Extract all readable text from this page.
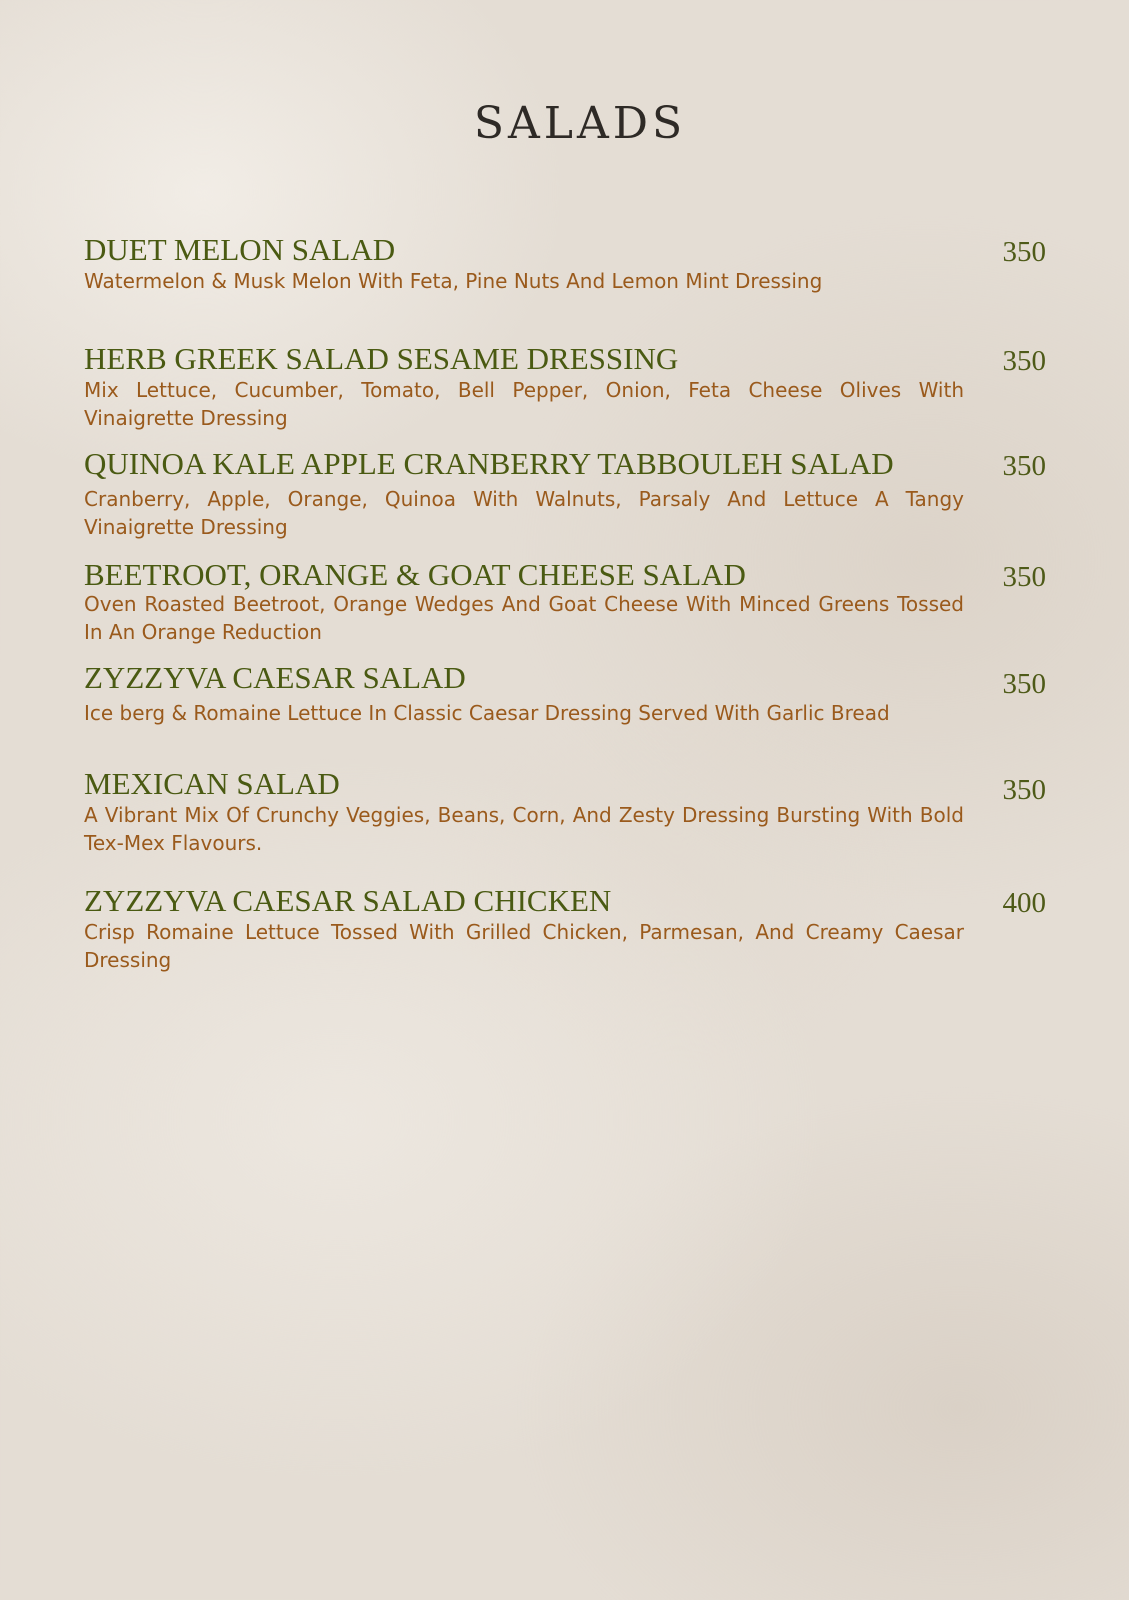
SALADS
DUET MELON SALAD	350
Watermelon & Musk Melon With Feta, Pine Nuts And Lemon Mint Dressing
HERB GREEK SALAD SESAME DRESSING	350
Mix Lettuce, Cucumber, Tomato, Bell Pepper, Onion, Feta Cheese Olives With Vinaigrette Dressing
QUINOA KALE APPLE CRANBERRY TABBOULEH SALAD	350
Cranberry, Apple, Orange, Quinoa With Walnuts, Parsaly And Lettuce A Tangy Vinaigrette Dressing
BEETROOT, ORANGE & GOAT CHEESE SALAD	350
Oven Roasted Beetroot, Orange Wedges And Goat Cheese With Minced Greens Tossed In An Orange Reduction
ZYZZYVA CAESAR SALAD	350
Ice berg & Romaine Lettuce In Classic Caesar Dressing Served With Garlic Bread
MEXICAN SALAD	350
A Vibrant Mix Of Crunchy Veggies, Beans, Corn, And Zesty Dressing Bursting With Bold Tex-Mex Flavours.
ZYZZYVA CAESAR SALAD CHICKEN	400
Crisp Romaine Lettuce Tossed With Grilled Chicken, Parmesan, And Creamy Caesar Dressing
